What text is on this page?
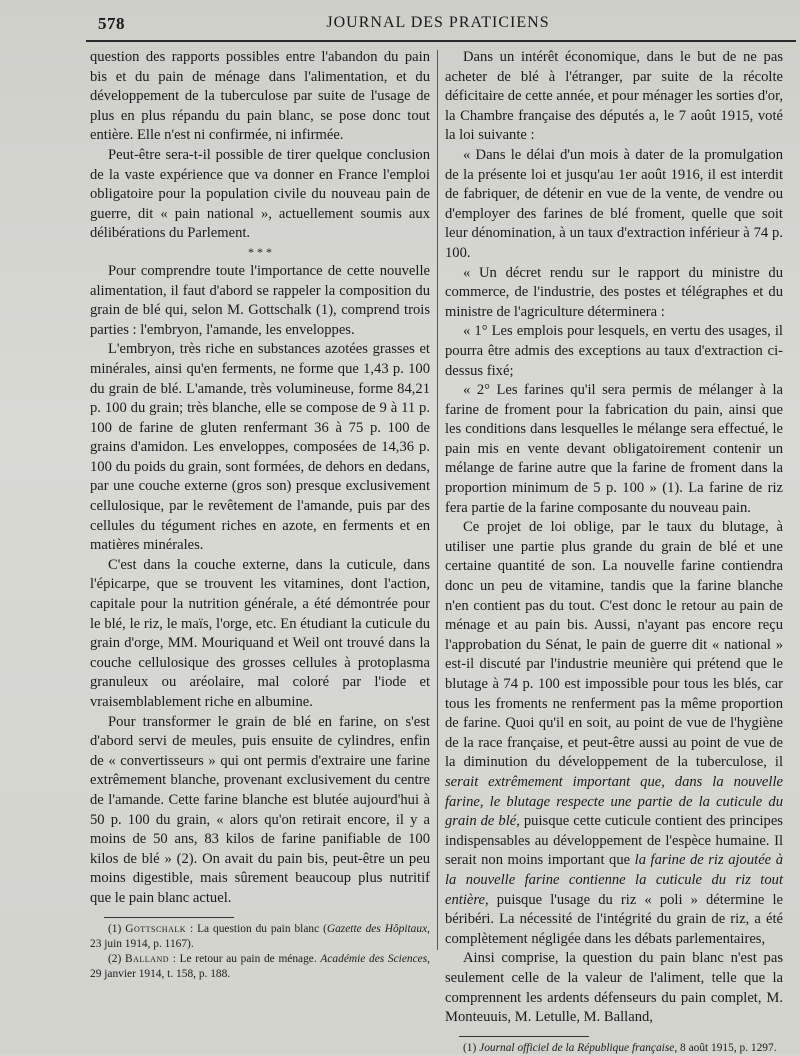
578	JOURNAL DES PRATICIENS

question des rapports possibles entre l'abandon du pain bis et du pain de ménage dans l'alimentation, et du développement de la tuberculose par suite de l'usage de plus en plus répandu du pain blanc, se pose donc tout entière. Elle n'est ni confirmée, ni infirmée.

Peut-être sera-t-il possible de tirer quelque conclusion de la vaste expérience que va donner en France l'emploi obligatoire pour la population civile du nouveau pain de guerre, dit « pain national », actuellement soumis aux délibérations du Parlement.

* * *

Pour comprendre toute l'importance de cette nouvelle alimentation, il faut d'abord se rappeler la composition du grain de blé qui, selon M. Gottschalk (1), comprend trois parties : l'embryon, l'amande, les enveloppes.

L'embryon, très riche en substances azotées grasses et minérales, ainsi qu'en ferments, ne forme que 1,43 p. 100 du grain de blé. L'amande, très volumineuse, forme 84,21 p. 100 du grain; très blanche, elle se compose de 9 à 11 p. 100 de farine de gluten renfermant 36 à 75 p. 100 de grains d'amidon. Les enveloppes, composées de 14,36 p. 100 du poids du grain, sont formées, de dehors en dedans, par une couche externe (gros son) presque exclusivement cellulosique, par le revêtement de l'amande, puis par des cellules du tégument riches en azote, en ferments et en matières minérales.

C'est dans la couche externe, dans la cuticule, dans l'épicarpe, que se trouvent les vitamines, dont l'action, capitale pour la nutrition générale, a été démontrée pour le blé, le riz, le maïs, l'orge, etc. En étudiant la cuticule du grain d'orge, MM. Mouriquand et Weil ont trouvé dans la couche cellulosique des grosses cellules à protoplasma granuleux ou aréolaire, mal coloré par l'iode et vraisemblablement riche en albumine.

Pour transformer le grain de blé en farine, on s'est d'abord servi de meules, puis ensuite de cylindres, enfin de « convertisseurs » qui ont permis d'extraire une farine extrêmement blanche, provenant exclusivement du centre de l'amande. Cette farine blanche est blutée aujourd'hui à 50 p. 100 du grain, « alors qu'on retirait encore, il y a moins de 50 ans, 83 kilos de farine panifiable de 100 kilos de blé » (2). On avait du pain bis, peut-être un peu moins digestible, mais sûrement beaucoup plus nutritif que le pain blanc actuel.

(1) Gottschalk : La question du pain blanc (Gazette des Hôpitaux, 23 juin 1914, p. 1167).

(2) Balland : Le retour au pain de ménage. Académie des Sciences, 29 janvier 1914, t. 158, p. 188.

Dans un intérêt économique, dans le but de ne pas acheter de blé à l'étranger, par suite de la récolte déficitaire de cette année, et pour ménager les sorties d'or, la Chambre française des députés a, le 7 août 1915, voté la loi suivante :

« Dans le délai d'un mois à dater de la promulgation de la présente loi et jusqu'au 1er août 1916, il est interdit de fabriquer, de détenir en vue de la vente, de vendre ou d'employer des farines de blé froment, quelle que soit leur dénomination, à un taux d'extraction inférieur à 74 p. 100.

« Un décret rendu sur le rapport du ministre du commerce, de l'industrie, des postes et télégraphes et du ministre de l'agriculture déterminera :

« 1° Les emplois pour lesquels, en vertu des usages, il pourra être admis des exceptions au taux d'extraction ci-dessus fixé;

« 2° Les farines qu'il sera permis de mélanger à la farine de froment pour la fabrication du pain, ainsi que les conditions dans lesquelles le mélange sera effectué, le pain mis en vente devant obligatoirement contenir un mélange de farine autre que la farine de froment dans la proportion minimum de 5 p. 100 » (1). La farine de riz fera partie de la farine composante du nouveau pain.

Ce projet de loi oblige, par le taux du blutage, à utiliser une partie plus grande du grain de blé et une certaine quantité de son. La nouvelle farine contiendra donc un peu de vitamine, tandis que la farine blanche n'en contient pas du tout. C'est donc le retour au pain de ménage et au pain bis. Aussi, n'ayant pas encore reçu l'approbation du Sénat, le pain de guerre dit « national » est-il discuté par l'industrie meunière qui prétend que le blutage à 74 p. 100 est impossible pour tous les blés, car tous les froments ne renferment pas la même proportion de farine. Quoi qu'il en soit, au point de vue de l'hygiène de la race française, et peut-être aussi au point de vue de la diminution du développement de la tuberculose, il serait extrêmement important que, dans la nouvelle farine, le blutage respecte une partie de la cuticule du grain de blé, puisque cette cuticule contient des principes indispensables au développement de l'espèce humaine. Il serait non moins important que la farine de riz ajoutée à la nouvelle farine contienne la cuticule du riz tout entière, puisque l'usage du riz « poli » détermine le béribéri. La nécessité de l'intégrité du grain de riz, a été complètement négligée dans les débats parlementaires,

Ainsi comprise, la question du pain blanc n'est pas seulement celle de la valeur de l'aliment, telle que la comprennent les ardents défenseurs du pain complet, M. Monteuuis, M. Letulle, M. Balland,

(1) Journal officiel de la République française, 8 août 1915, p. 1297.
